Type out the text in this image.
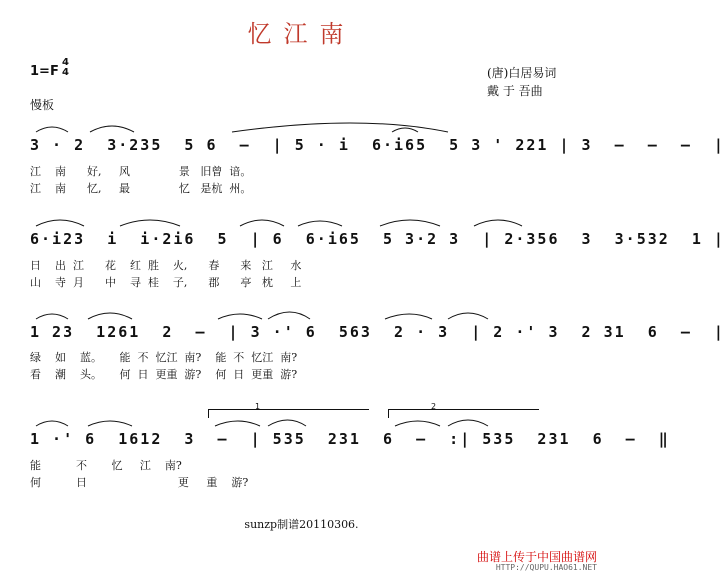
忆江南
1=F
4
4	(唐)白居易词
戴 于 吾曲
慢板
3 · 2  3·235  5 6  –  | 5 · i  6·i65  5 3 ' 221 | 3  –  –  –  |
江    南      好,     风              景   旧曾  谙。
江    南      忆,     最              忆   是杭  州。
6·i23  i  i·2i6  5  | 6  6·i65  5 3·2 3  | 2·356  3  3·532  1 |
日    出  江      花    红  胜    火,      春      来   江     水
山    寺  月      中    寻  桂    子,      郡      亭   枕     上
1 23  1261  2  –  | 3 ·' 6  563  2 · 3  | 2 ·' 3  2 31  6  –  |
绿    如    蓝。     能  不  忆江  南?    能  不  忆江  南?
看    潮    头。     何  日  更重  游?    何  日  更重  游?
1	2
1 ·' 6  1612  3  –  | 535  231  6  –  :| 535  231  6  –  ‖
能          不       忆     江    南?
何          日                          更     重    游?
sunzp制谱20110306.
曲谱上传于中国曲谱网
HTTP://QUPU.HAO61.NET
